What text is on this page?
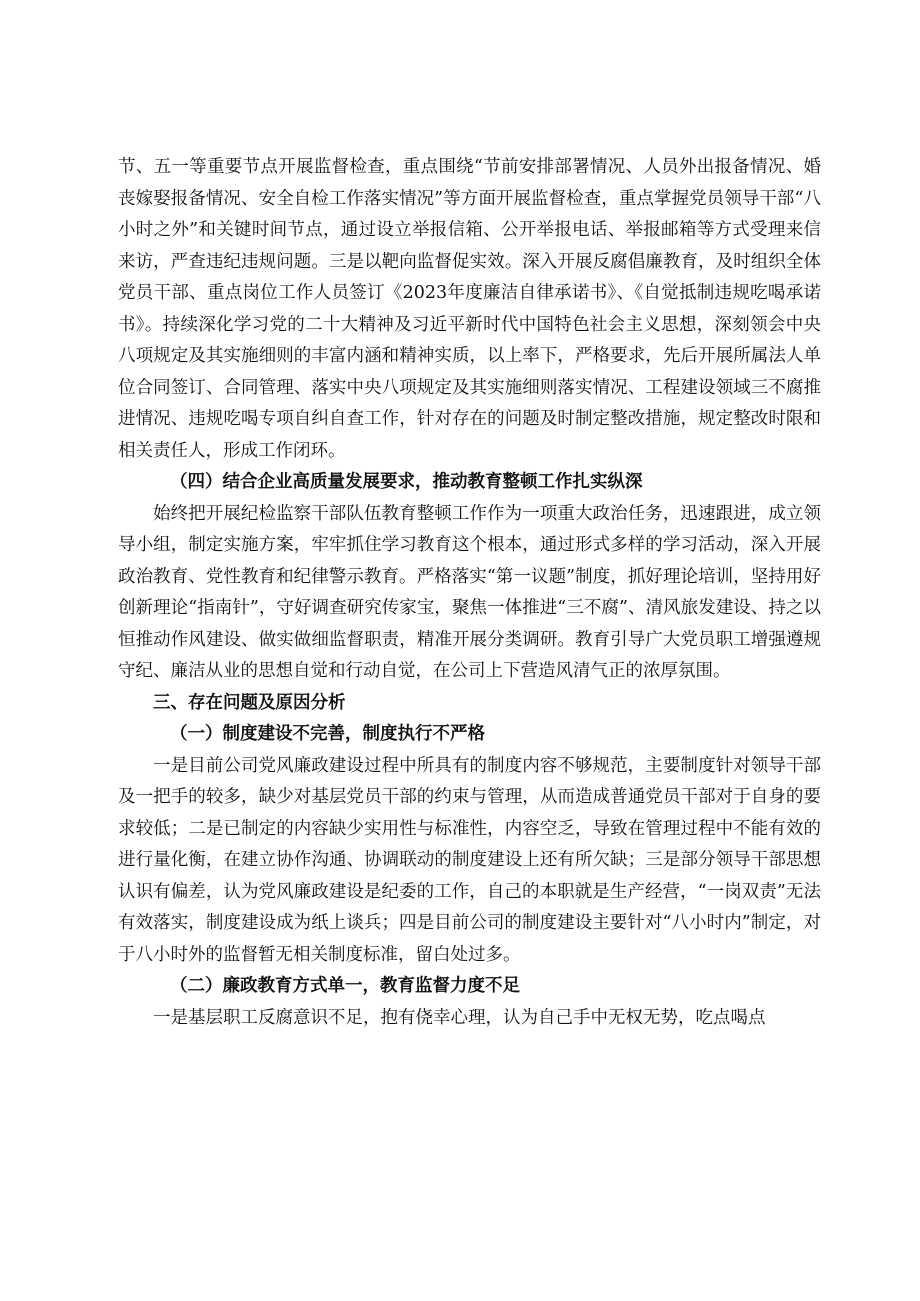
节、五一等重要节点开展监督检查，重点围绕“节前安排部署情况、人员外出报备情况、婚丧嫁娶报备情况、安全自检工作落实情况”等方面开展监督检查，重点掌握党员领导干部“八小时之外”和关键时间节点，通过设立举报信箱、公开举报电话、举报邮箱等方式受理来信来访，严查违纪违规问题。三是以靶向监督促实效。深入开展反腐倡廉教育，及时组织全体党员干部、重点岗位工作人员签订《2023年度廉洁自律承诺书》、《自觉抵制违规吃喝承诺书》。持续深化学习党的二十大精神及习近平新时代中国特色社会主义思想，深刻领会中央八项规定及其实施细则的丰富内涵和精神实质，以上率下，严格要求，先后开展所属法人单位合同签订、合同管理、落实中央八项规定及其实施细则落实情况、工程建设领域三不腐推进情况、违规吃喝专项自纠自查工作，针对存在的问题及时制定整改措施，规定整改时限和相关责任人，形成工作闭环。

（四）结合企业高质量发展要求，推动教育整顿工作扎实纵深

始终把开展纪检监察干部队伍教育整顿工作作为一项重大政治任务，迅速跟进，成立领导小组，制定实施方案，牢牢抓住学习教育这个根本，通过形式多样的学习活动，深入开展政治教育、党性教育和纪律警示教育。严格落实“第一议题”制度，抓好理论培训，坚持用好创新理论“指南针”，守好调查研究传家宝，聚焦一体推进“三不腐”、清风旅发建设、持之以恒推动作风建设、做实做细监督职责，精准开展分类调研。教育引导广大党员职工增强遵规守纪、廉洁从业的思想自觉和行动自觉，在公司上下营造风清气正的浓厚氛围。

三、存在问题及原因分析

（一）制度建设不完善，制度执行不严格

一是目前公司党风廉政建设过程中所具有的制度内容不够规范，主要制度针对领导干部及一把手的较多，缺少对基层党员干部的约束与管理，从而造成普通党员干部对于自身的要求较低；二是已制定的内容缺少实用性与标准性，内容空乏，导致在管理过程中不能有效的进行量化衡，在建立协作沟通、协调联动的制度建设上还有所欠缺；三是部分领导干部思想认识有偏差，认为党风廉政建设是纪委的工作，自己的本职就是生产经营，“一岗双责”无法有效落实，制度建设成为纸上谈兵；四是目前公司的制度建设主要针对“八小时内”制定，对于八小时外的监督暂无相关制度标准，留白处过多。

（二）廉政教育方式单一，教育监督力度不足

一是基层职工反腐意识不足，抱有侥幸心理，认为自己手中无权无势，吃点喝点
